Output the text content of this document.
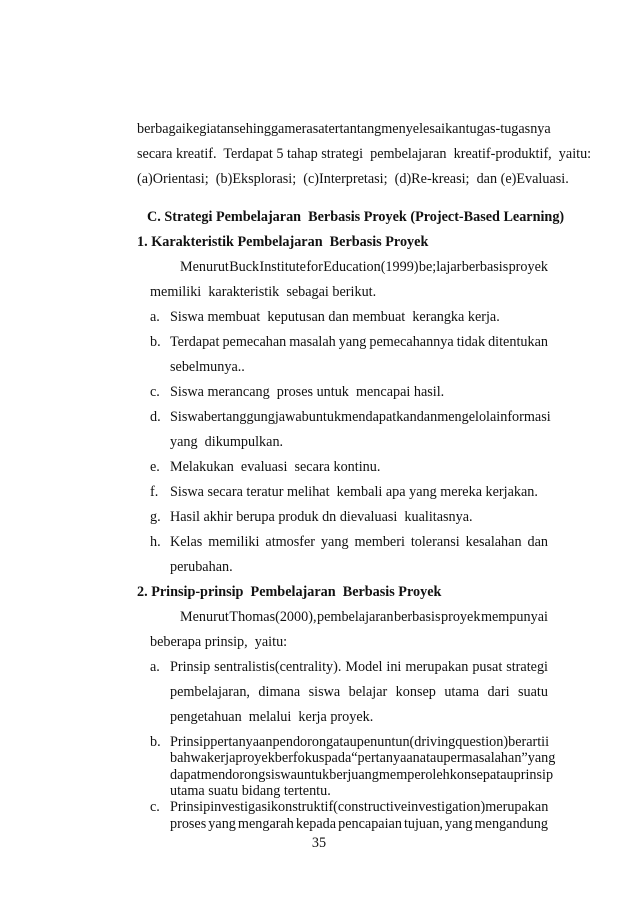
berbagai kegiatan sehingga merasa tertantang menyelesaikan tugas-tugasnya
secara kreatif.  Terdapat 5 tahap strategi  pembelajaran  kreatif-produktif,  yaitu:
(a)Orientasi;  (b)Eksplorasi;  (c)Interpretasi;  (d)Re-kreasi;  dan (e)Evaluasi.
C. Strategi Pembelajaran  Berbasis Proyek (Project-Based Learning)
1. Karakteristik Pembelajaran  Berbasis Proyek
Menurut Buck Institute for Education(1999) be;lajar berbasis proyek
memiliki  karakteristik  sebagai berikut.
a. Siswa membuat  keputusan dan membuat  kerangka kerja.
b. Terdapat pemecahan masalah yang pemecahannya tidak ditentukan
sebelmunya..
c. Siswa merancang  proses untuk  mencapai hasil.
d. Siswa bertanggung jawab untuk mendapatkan dan mengelola informasi
yang  dikumpulkan.
e. Melakukan  evaluasi  secara kontinu.
f. Siswa secara teratur melihat  kembali apa yang mereka kerjakan.
g. Hasil akhir berupa produk dn dievaluasi  kualitasnya.
h. Kelas memiliki atmosfer yang memberi toleransi kesalahan dan
perubahan.
2. Prinsip-prinsip  Pembelajaran  Berbasis Proyek
Menurut Thomas(2000), pembelajaran berbasis proyek mempunyai
beberapa prinsip,  yaitu:
a. Prinsip sentralistis(centrality). Model ini merupakan pusat strategi
pembelajaran, dimana siswa belajar konsep utama dari suatu
pengetahuan  melalui  kerja proyek.
35
b. Prinsip pertanyaan pendorongataupenuntun(driving question) berartii
bahwa kerja proyek berfokus pada “pertanyaan atau permasalahan” yang
dapat mendorong siswa untuk berjuang memperoleh konsep atau prinsip
utama suatu bidang tertentu.
c. Prinsip investigasi konstruktif(constructive investigation) merupakan
proses yang mengarah kepada pencapaian tujuan, yang mengandung
